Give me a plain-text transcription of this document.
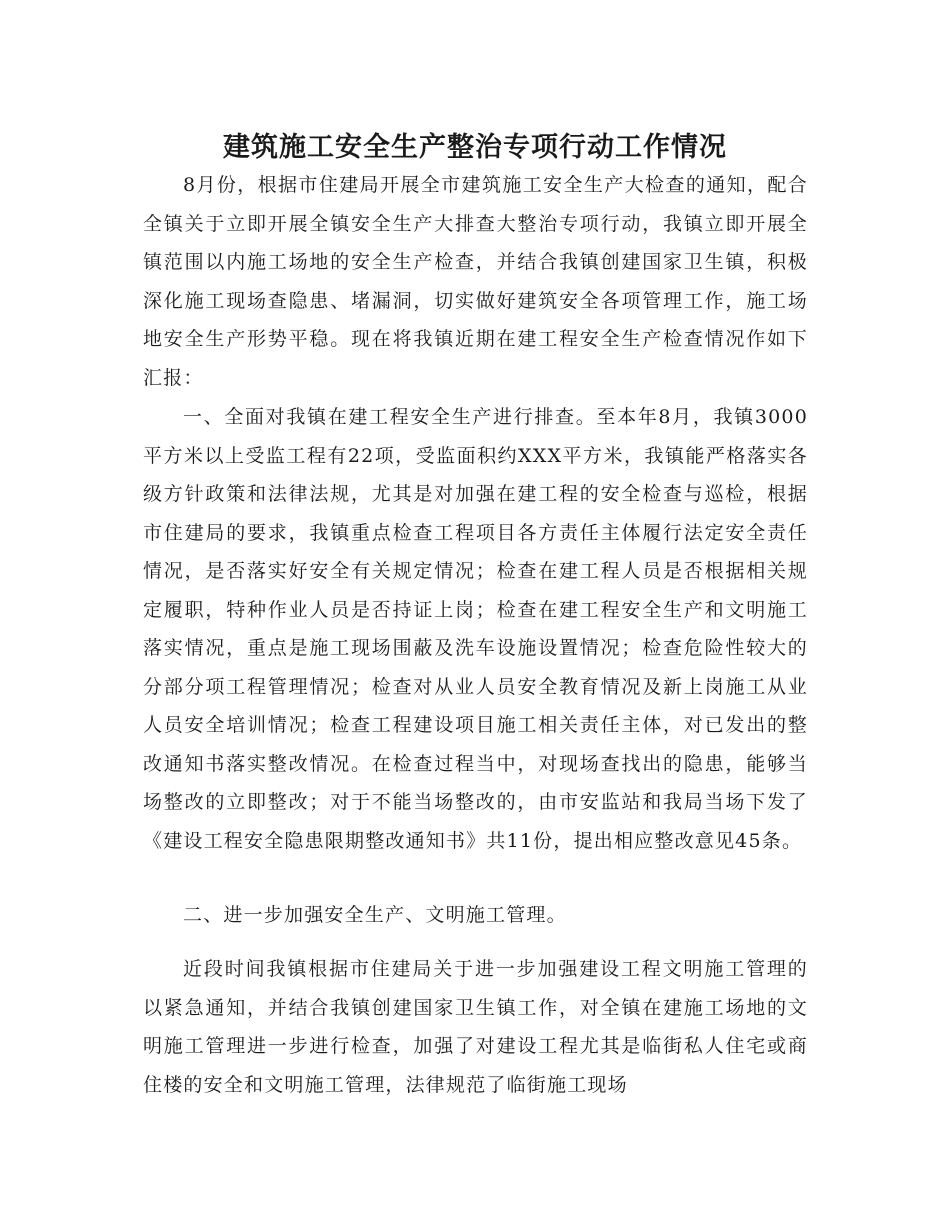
建筑施工安全生产整治专项行动工作情况

8月份，根据市住建局开展全市建筑施工安全生产大检查的通知，配合全镇关于立即开展全镇安全生产大排查大整治专项行动，我镇立即开展全镇范围以内施工场地的安全生产检查，并结合我镇创建国家卫生镇，积极深化施工现场查隐患、堵漏洞，切实做好建筑安全各项管理工作，施工场地安全生产形势平稳。现在将我镇近期在建工程安全生产检查情况作如下汇报：

一、全面对我镇在建工程安全生产进行排查。至本年8月，我镇3000平方米以上受监工程有22项，受监面积约XXX平方米，我镇能严格落实各级方针政策和法律法规，尤其是对加强在建工程的安全检查与巡检，根据市住建局的要求，我镇重点检查工程项目各方责任主体履行法定安全责任情况，是否落实好安全有关规定情况；检查在建工程人员是否根据相关规定履职，特种作业人员是否持证上岗；检查在建工程安全生产和文明施工落实情况，重点是施工现场围蔽及洗车设施设置情况；检查危险性较大的分部分项工程管理情况；检查对从业人员安全教育情况及新上岗施工从业人员安全培训情况；检查工程建设项目施工相关责任主体，对已发出的整改通知书落实整改情况。在检查过程当中，对现场查找出的隐患，能够当场整改的立即整改；对于不能当场整改的，由市安监站和我局当场下发了《建设工程安全隐患限期整改通知书》共11份，提出相应整改意见45条。

二、进一步加强安全生产、文明施工管理。

近段时间我镇根据市住建局关于进一步加强建设工程文明施工管理的以紧急通知，并结合我镇创建国家卫生镇工作，对全镇在建施工场地的文明施工管理进一步进行检查，加强了对建设工程尤其是临街私人住宅或商住楼的安全和文明施工管理，法律规范了临街施工现场
